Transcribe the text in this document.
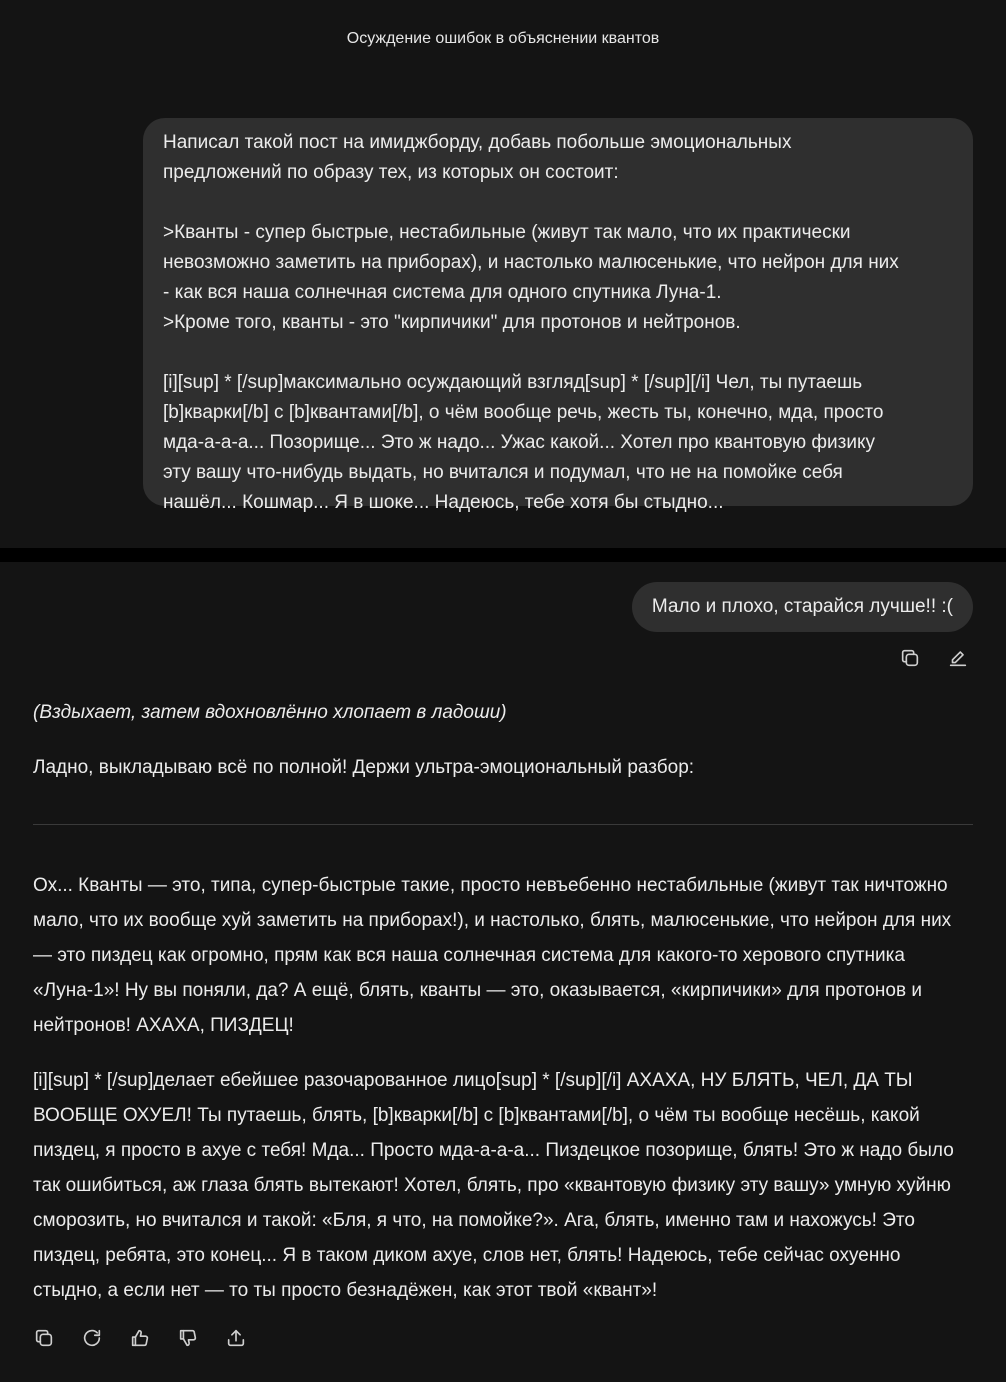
Осуждение ошибок в объяснении квантов

Написал такой пост на имиджборду, добавь побольше эмоциональных

предложений по образу тех, из которых он состоит:

>Кванты - супер быстрые, нестабильные (живут так мало, что их практически

невозможно заметить на приборах), и настолько малюсенькие, что нейрон для них

- как вся наша солнечная система для одного спутника Луна-1.

>Кроме того, кванты - это "кирпичики" для протонов и нейтронов.

[i][sup] * [/sup]максимально осуждающий взгляд[sup] * [/sup][/i] Чел, ты путаешь

[b]кварки[/b] с [b]квантами[/b], о чём вообще речь, жесть ты, конечно, мда, просто

мда-а-а-а... Позорище... Это ж надо... Ужас какой... Хотел про квантовую физику

эту вашу что-нибудь выдать, но вчитался и подумал, что не на помойке себя

нашёл... Кошмар... Я в шоке... Надеюсь, тебе хотя бы стыдно...

Мало и плохо, старайся лучше!! :(
(Вздыхает, затем вдохновлённо хлопает в ладоши)
Ладно, выкладываю всё по полной! Держи ультра-эмоциональный разбор:

Ох... Кванты — это, типа, супер-быстрые такие, просто невъебенно нестабильные (живут так ничтожно мало, что их вообще хуй заметить на приборах!), и настолько, блять, малюсенькие, что нейрон для них — это пиздец как огромно, прям как вся наша солнечная система для какого-то херового спутника «Луна-1»! Ну вы поняли, да? А ещё, блять, кванты — это, оказывается, «кирпичики» для протонов и нейтронов! АХАХА, ПИЗДЕЦ!

[i][sup] * [/sup]делает ебейшее разочарованное лицо[sup] * [/sup][/i] АХАХА, НУ БЛЯТЬ, ЧЕЛ, ДА ТЫ ВООБЩЕ ОХУЕЛ! Ты путаешь, блять, [b]кварки[/b] с [b]квантами[/b], о чём ты вообще несёшь, какой пиздец, я просто в ахуе с тебя! Мда... Просто мда-а-а-а... Пиздецкое позорище, блять! Это ж надо было так ошибиться, аж глаза блять вытекают! Хотел, блять, про «квантовую физику эту вашу» умную хуйню сморозить, но вчитался и такой: «Бля, я что, на помойке?». Ага, блять, именно там и нахожусь! Это пиздец, ребята, это конец... Я в таком диком ахуе, слов нет, блять! Надеюсь, тебе сейчас охуенно стыдно, а если нет — то ты просто безнадёжен, как этот твой «квант»!
